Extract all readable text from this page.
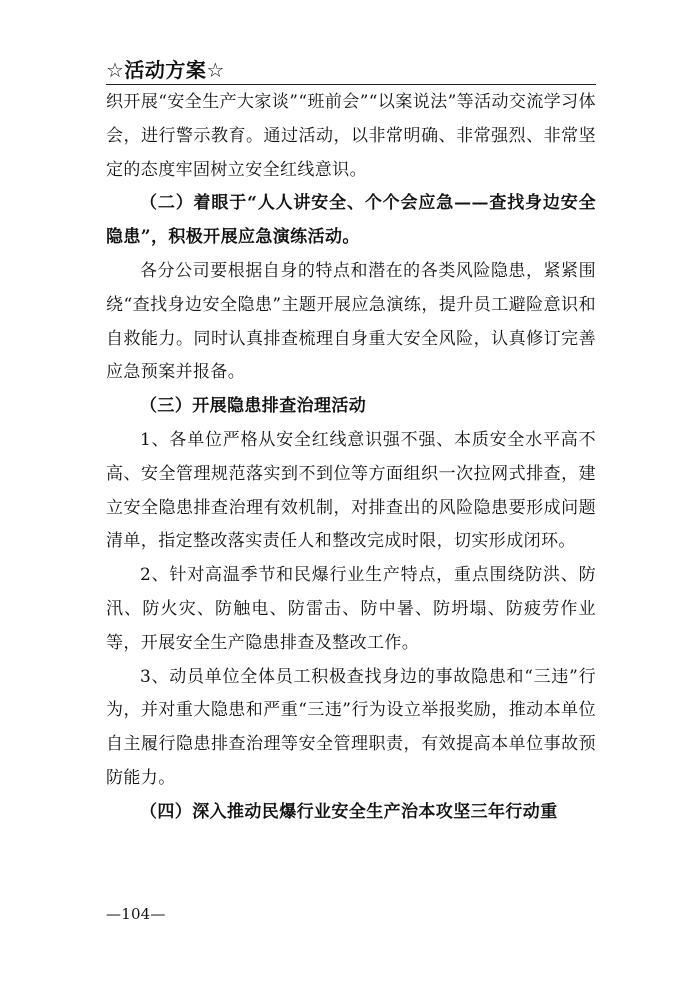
☆活动方案☆

织开展“安全生产大家谈”“班前会”“以案说法”等活动交流学习体会，进行警示教育。通过活动，以非常明确、非常强烈、非常坚定的态度牢固树立安全红线意识。

（二）着眼于“人人讲安全、个个会应急——查找身边安全隐患”，积极开展应急演练活动。

各分公司要根据自身的特点和潜在的各类风险隐患，紧紧围绕“查找身边安全隐患”主题开展应急演练，提升员工避险意识和自救能力。同时认真排查梳理自身重大安全风险，认真修订完善应急预案并报备。

（三）开展隐患排查治理活动

1、各单位严格从安全红线意识强不强、本质安全水平高不高、安全管理规范落实到不到位等方面组织一次拉网式排查，建立安全隐患排查治理有效机制，对排查出的风险隐患要形成问题清单，指定整改落实责任人和整改完成时限，切实形成闭环。

2、针对高温季节和民爆行业生产特点，重点围绕防洪、防汛、防火灾、防触电、防雷击、防中暑、防坍塌、防疲劳作业等，开展安全生产隐患排查及整改工作。

3、动员单位全体员工积极查找身边的事故隐患和“三违”行为，并对重大隐患和严重“三违”行为设立举报奖励，推动本单位自主履行隐患排查治理等安全管理职责，有效提高本单位事故预防能力。

（四）深入推动民爆行业安全生产治本攻坚三年行动重

—104—
